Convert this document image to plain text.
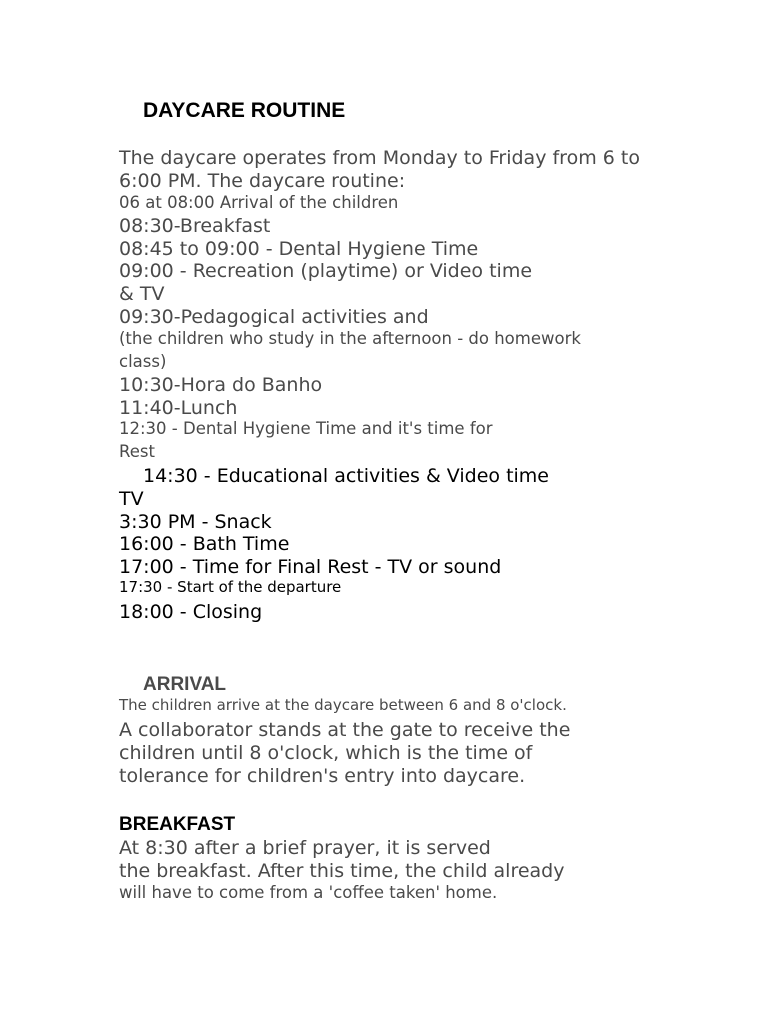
DAYCARE ROUTINE

The daycare operates from Monday to Friday from 6 to

6:00 PM. The daycare routine:

06 at 08:00 Arrival of the children

08:30-Breakfast

08:45 to 09:00 - Dental Hygiene Time

09:00 - Recreation (playtime) or Video time

& TV

09:30-Pedagogical activities and

(the children who study in the afternoon - do homework

class)

10:30-Hora do Banho

11:40-Lunch

12:30 - Dental Hygiene Time and it's time for

Rest

14:30 - Educational activities & Video time

TV

3:30 PM - Snack

16:00 - Bath Time

17:00 - Time for Final Rest - TV or sound

17:30 - Start of the departure

18:00 - Closing

ARRIVAL

The children arrive at the daycare between 6 and 8 o'clock.

A collaborator stands at the gate to receive the

children until 8 o'clock, which is the time of

tolerance for children's entry into daycare.

BREAKFAST

At 8:30 after a brief prayer, it is served

the breakfast. After this time, the child already

will have to come from a 'coffee taken' home.
